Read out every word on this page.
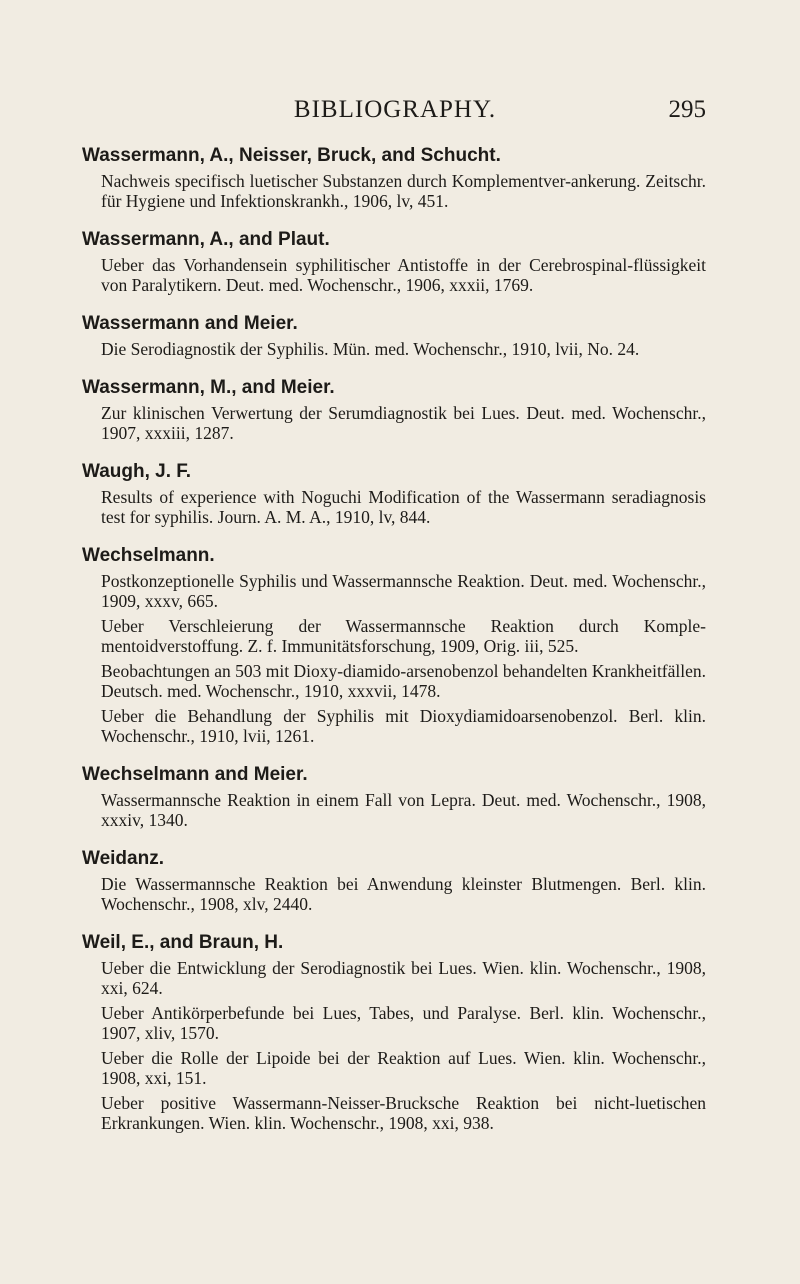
BIBLIOGRAPHY.	295
Wassermann, A., Neisser, Bruck, and Schucht.
Nachweis specifisch luetischer Substanzen durch Komplementver-ankerung. Zeitschr. für Hygiene und Infektionskrankh., 1906, lv, 451.
Wassermann, A., and Plaut.
Ueber das Vorhandensein syphilitischer Antistoffe in der Cerebrospinal-flüssigkeit von Paralytikern. Deut. med. Wochenschr., 1906, xxxii, 1769.
Wassermann and Meier.
Die Serodiagnostik der Syphilis. Mün. med. Wochenschr., 1910, lvii, No. 24.
Wassermann, M., and Meier.
Zur klinischen Verwertung der Serumdiagnostik bei Lues. Deut. med. Wochenschr., 1907, xxxiii, 1287.
Waugh, J. F.
Results of experience with Noguchi Modification of the Wassermann seradiagnosis test for syphilis. Journ. A. M. A., 1910, lv, 844.
Wechselmann.
Postkonzeptionelle Syphilis und Wassermannsche Reaktion. Deut. med. Wochenschr., 1909, xxxv, 665.
Ueber Verschleierung der Wassermannsche Reaktion durch Komple-mentoidverstoffung. Z. f. Immunitätsforschung, 1909, Orig. iii, 525.
Beobachtungen an 503 mit Dioxy-diamido-arsenobenzol behandelten Krankheitfällen. Deutsch. med. Wochenschr., 1910, xxxvii, 1478.
Ueber die Behandlung der Syphilis mit Dioxydiamidoarsenobenzol. Berl. klin. Wochenschr., 1910, lvii, 1261.
Wechselmann and Meier.
Wassermannsche Reaktion in einem Fall von Lepra. Deut. med. Wochenschr., 1908, xxxiv, 1340.
Weidanz.
Die Wassermannsche Reaktion bei Anwendung kleinster Blutmengen. Berl. klin. Wochenschr., 1908, xlv, 2440.
Weil, E., and Braun, H.
Ueber die Entwicklung der Serodiagnostik bei Lues. Wien. klin. Wochenschr., 1908, xxi, 624.
Ueber Antikörperbefunde bei Lues, Tabes, und Paralyse. Berl. klin. Wochenschr., 1907, xliv, 1570.
Ueber die Rolle der Lipoide bei der Reaktion auf Lues. Wien. klin. Wochenschr., 1908, xxi, 151.
Ueber positive Wassermann-Neisser-Brucksche Reaktion bei nicht-luetischen Erkrankungen. Wien. klin. Wochenschr., 1908, xxi, 938.
